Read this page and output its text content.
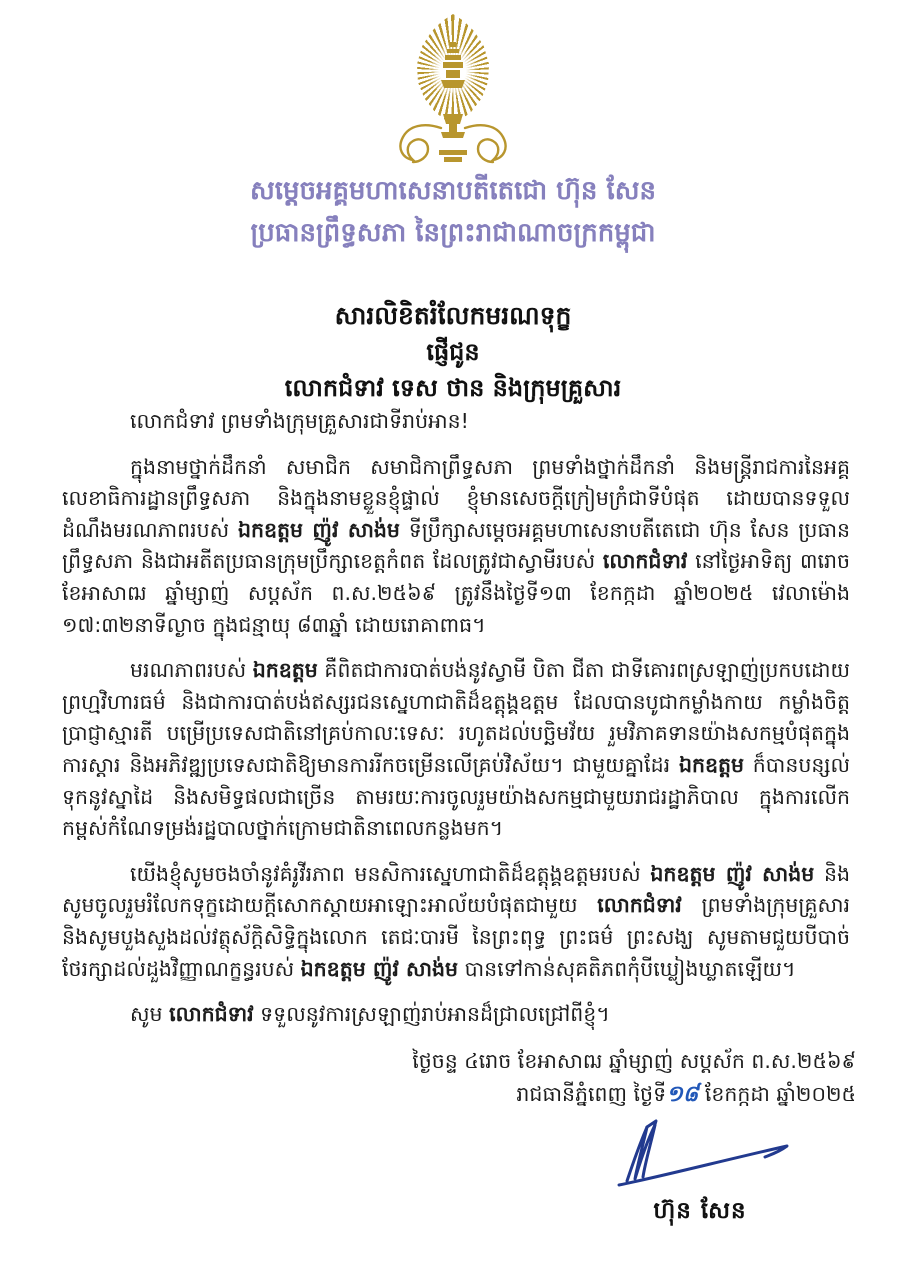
សម្តេចអគ្គមហាសេនាបតីតេជោ ហ៊ុន សែន
ប្រធានព្រឹទ្ធសភា នៃព្រះរាជាណាចក្រកម្ពុជា
សារលិខិតរំលែកមរណទុក្ខ
ផ្ញើជូន
លោកជំទាវ ទេស ថាន និងក្រុមគ្រួសារ

លោកជំទាវ ព្រមទាំងក្រុមគ្រួសារជាទីរាប់អាន!

ក្នុងនាមថ្នាក់ដឹកនាំ សមាជិក សមាជិកាព្រឹទ្ធសភា ព្រមទាំងថ្នាក់ដឹកនាំ និងមន្ត្រីរាជការនៃអគ្គលេខាធិការដ្ឋានព្រឹទ្ធសភា និងក្នុងនាមខ្លួនខ្ញុំផ្ទាល់ ខ្ញុំមានសេចក្តីក្រៀមក្រំជាទីបំផុត ដោយបានទទួលដំណឹងមរណភាពរបស់ ឯកឧត្តម ញ៉ូវ សាង់ម ទីប្រឹក្សាសម្តេចអគ្គមហាសេនាបតីតេជោ ហ៊ុន សែន ប្រធានព្រឹទ្ធសភា និងជាអតីតប្រធានក្រុមប្រឹក្សាខេត្តកំពត ដែលត្រូវជាស្វាមីរបស់ លោកជំទាវ នៅថ្ងៃអាទិត្យ ៣រោច ខែអាសាឍ ឆ្នាំម្សាញ់ សប្តស័ក ព.ស.២៥៦៩ ត្រូវនឹងថ្ងៃទី១៣ ខែកក្កដា ឆ្នាំ២០២៥ វេលាម៉ោង ១៧:៣២នាទីល្ងាច ក្នុងជន្មាយុ ៨៣ឆ្នាំ ដោយរោគាពាធ។

មរណភាពរបស់ ឯកឧត្តម គឺពិតជាការបាត់បង់នូវស្វាមី បិតា ជីតា ជាទីគោរពស្រឡាញ់ប្រកបដោយព្រហ្មវិហារធម៌ និងជាការបាត់បង់ឥស្សរជនស្នេហាជាតិដ៏ឧត្តុង្គឧត្តម ដែលបានបូជាកម្លាំងកាយ កម្លាំងចិត្ត ប្រាជ្ញាស្មារតី បម្រើប្រទេសជាតិនៅគ្រប់កាលៈទេសៈ រហូតដល់បច្ឆិមវ័យ រួមវិភាគទានយ៉ាងសកម្មបំផុតក្នុងការស្ដារ និងអភិវឌ្ឍប្រទេសជាតិឱ្យមានការរីកចម្រើនលើគ្រប់វិស័យ។ ជាមួយគ្នាដែរ ឯកឧត្តម ក៏បានបន្សល់ទុកនូវស្នាដៃ និងសមិទ្ធផលជាច្រើន តាមរយៈការចូលរួមយ៉ាងសកម្មជាមួយរាជរដ្ឋាភិបាល ក្នុងការលើកកម្ពស់កំណែទម្រង់រដ្ឋបាលថ្នាក់ក្រោមជាតិនាពេលកន្លងមក។

យើងខ្ញុំសូមចងចាំនូវគំរូវីរភាព មនសិការស្នេហាជាតិដ៏ឧត្តុង្គឧត្តមរបស់ ឯកឧត្តម ញ៉ូវ សាង់ម និងសូមចូលរួមរំលែកទុក្ខដោយក្តីសោកស្តាយអាឡោះអាល័យបំផុតជាមួយ លោកជំទាវ ព្រមទាំងក្រុមគ្រួសារ និងសូមបួងសួងដល់វត្ថុស័ក្តិសិទ្ធិក្នុងលោក តេជៈបារមី នៃព្រះពុទ្ធ ព្រះធម៌ ព្រះសង្ឃ សូមតាមជួយបីបាច់ថែរក្សាដល់ដួងវិញ្ញាណក្ខន្ធរបស់ ឯកឧត្តម ញ៉ូវ សាង់ម បានទៅកាន់សុគតិភពកុំបីឃ្លៀងឃ្លាតឡើយ។

សូម លោកជំទាវ ទទួលនូវការស្រឡាញ់រាប់អានដ៏ជ្រាលជ្រៅពីខ្ញុំ។

ថ្ងៃចន្ទ ៤រោច ខែអាសាឍ ឆ្នាំម្សាញ់ សប្តស័ក ព.ស.២៥៦៩
រាជធានីភ្នំពេញ ថ្ងៃទី១៨ ខែកក្កដា ឆ្នាំ២០២៥
ហ៊ុន សែន
